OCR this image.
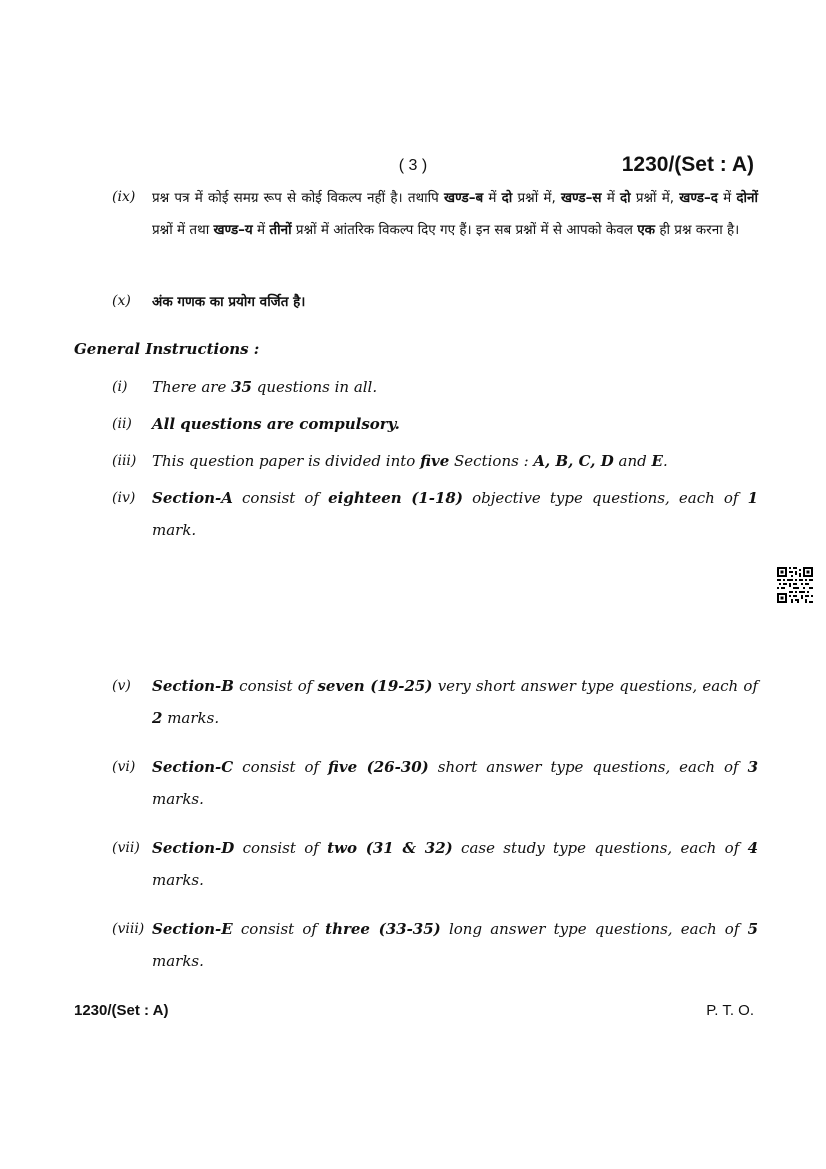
( 3 )	1230/(Set : A)
(ix) प्रश्न पत्र में कोई समग्र रूप से कोई विकल्प नहीं है। तथापि खण्ड–ब में दो प्रश्नों में, खण्ड–स में दो प्रश्नों में, खण्ड–द में दोनों प्रश्नों में तथा खण्ड–य में तीनों प्रश्नों में आंतरिक विकल्प दिए गए हैं। इन सब प्रश्नों में से आपको केवल एक ही प्रश्न करना है।
(x) अंक गणक का प्रयोग वर्जित है।
General Instructions :
(i) There are 35 questions in all.
(ii) All questions are compulsory.
(iii) This question paper is divided into five Sections : A, B, C, D and E.
(iv) Section-A consist of eighteen (1-18) objective type questions, each of 1 mark.
(v) Section-B consist of seven (19-25) very short answer type questions, each of 2 marks.
(vi) Section-C consist of five (26-30) short answer type questions, each of 3 marks.
(vii) Section-D consist of two (31 & 32) case study type questions, each of 4 marks.
(viii) Section-E consist of three (33-35) long answer type questions, each of 5 marks.
1230/(Set : A)	P. T. O.
